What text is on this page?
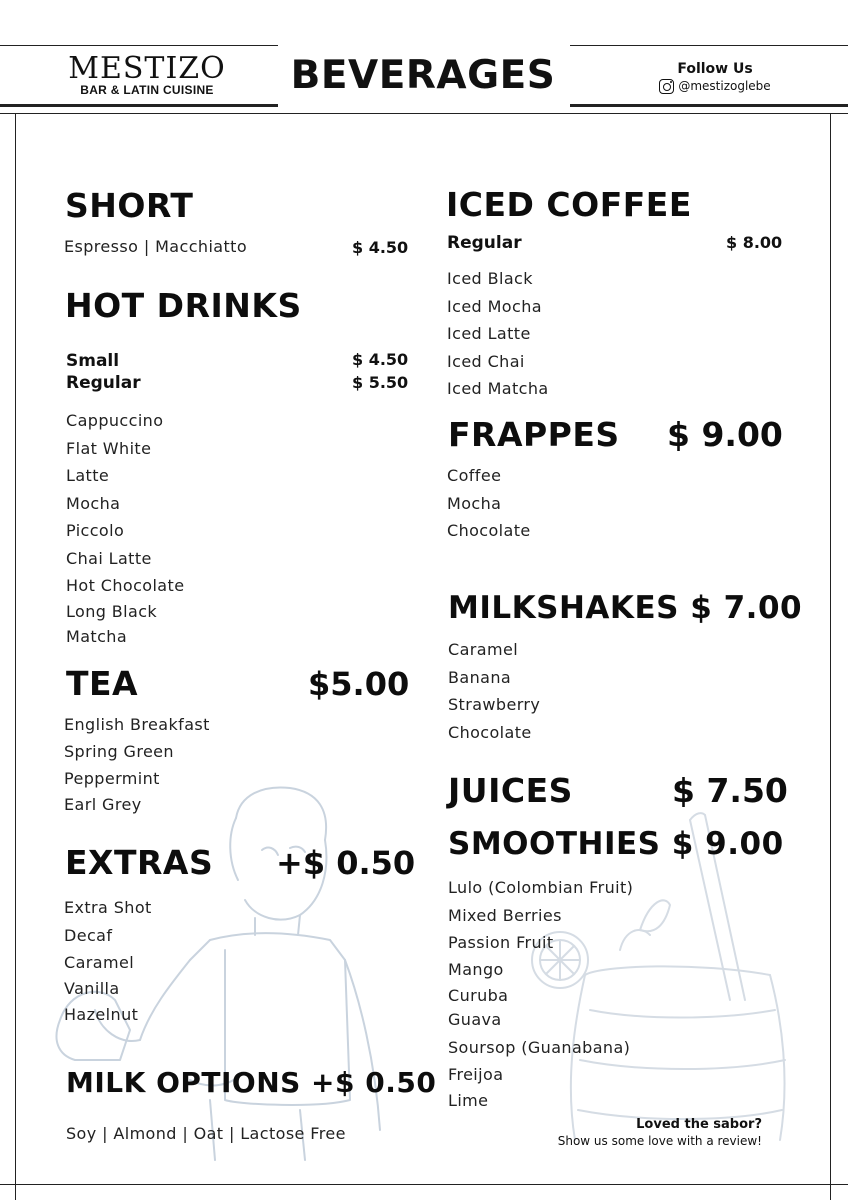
MESTIZO
BAR & LATIN CUISINE	BEVERAGES	Follow Us
@mestizoglebe
SHORT
Espresso | Macchiatto	$ 4.50
HOT DRINKS
Small	$ 4.50
Regular	$ 5.50
Cappuccino
Flat White
Latte
Mocha
Piccolo
Chai Latte
Hot Chocolate
Long Black
Matcha
TEA	$5.00
English Breakfast
Spring Green
Peppermint
Earl Grey
EXTRAS +$ 0.50
Extra Shot
Decaf
Caramel
Vanilla
Hazelnut
MILK OPTIONS +$ 0.50
Soy | Almond | Oat | Lactose Free
ICED COFFEE
Regular	$ 8.00
Iced Black
Iced Mocha
Iced Latte
Iced Chai
Iced Matcha
FRAPPES $ 9.00
Coffee
Mocha
Chocolate
MILKSHAKES $ 7.00
Caramel
Banana
Strawberry
Chocolate
JUICES	$ 7.50
SMOOTHIES $ 9.00
Lulo (Colombian Fruit)
Mixed Berries
Passion Fruit
Mango
Curuba
Guava
Soursop (Guanabana)
Freijoa
Lime
Loved the sabor?
Show us some love with a review!
